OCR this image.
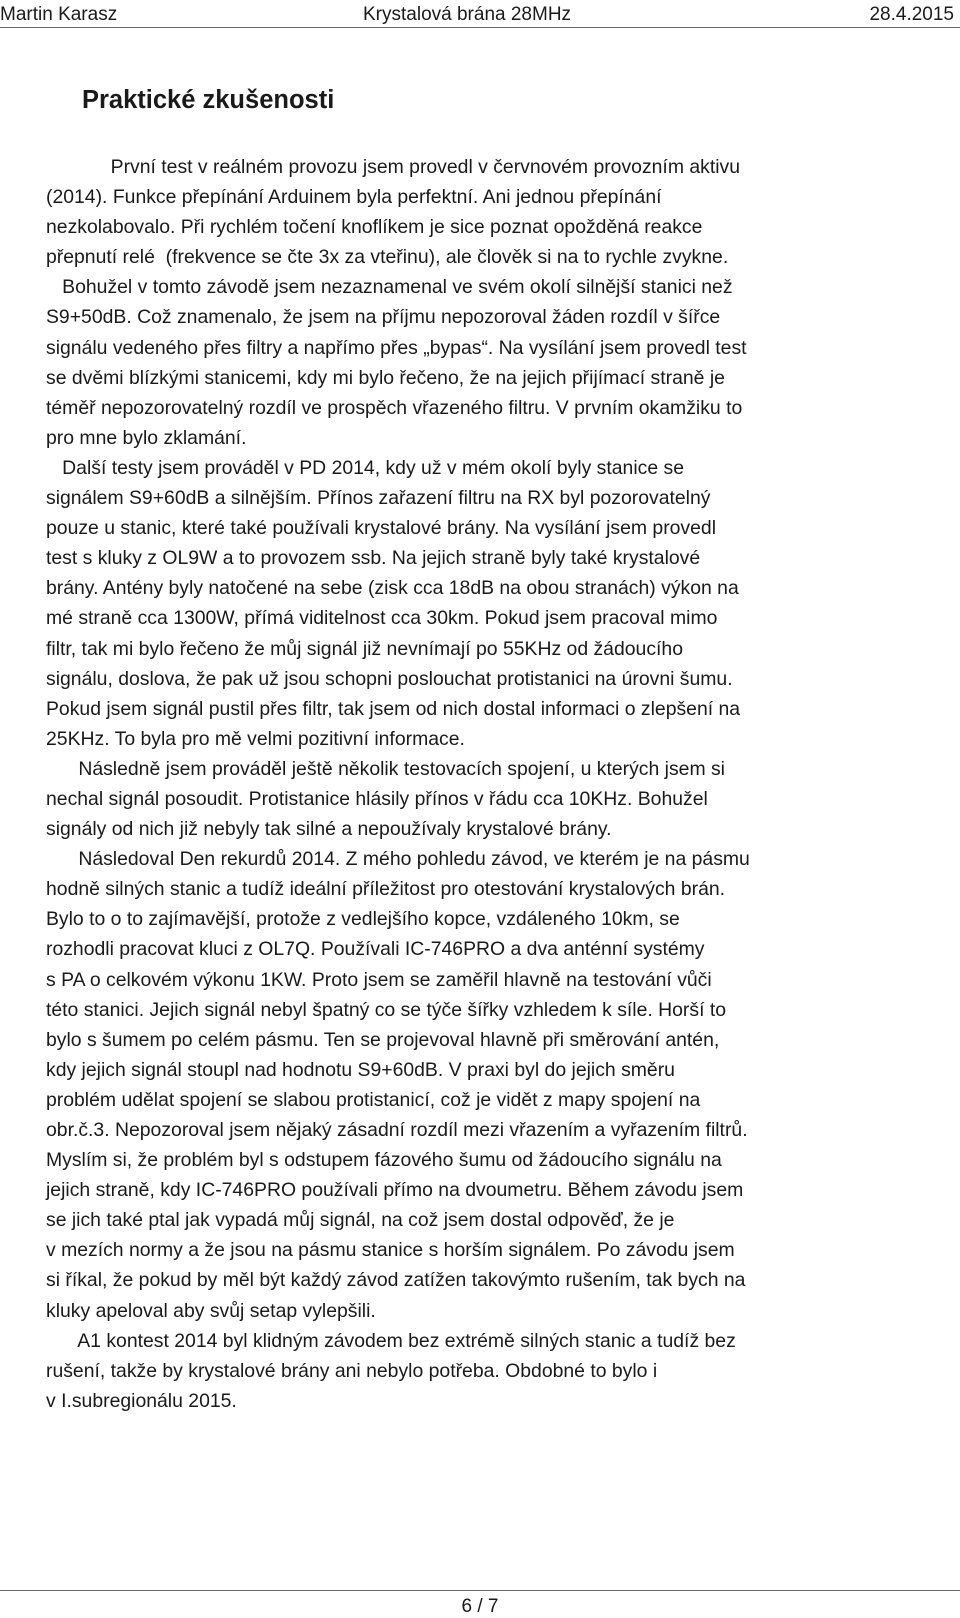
Martin Karasz	Krystalová brána 28MHz	28.4.2015
Praktické zkušenosti
První test v reálném provozu jsem provedl v červnovém provozním aktivu
(2014). Funkce přepínání Arduinem byla perfektní. Ani jednou přepínání
nezkolabovalo. Při rychlém točení knoflíkem je sice poznat opožděná reakce
přepnutí relé  (frekvence se čte 3x za vteřinu), ale člověk si na to rychle zvykne.
Bohužel v tomto závodě jsem nezaznamenal ve svém okolí silnější stanici než
S9+50dB. Což znamenalo, že jsem na příjmu nepozoroval žáden rozdíl v šířce
signálu vedeného přes filtry a napřímo přes „bypas“. Na vysílání jsem provedl test
se dvěmi blízkými stanicemi, kdy mi bylo řečeno, že na jejich přijímací straně je
téměř nepozorovatelný rozdíl ve prospěch vřazeného filtru. V prvním okamžiku to
pro mne bylo zklamání.
Další testy jsem prováděl v PD 2014, kdy už v mém okolí byly stanice se
signálem S9+60dB a silnějším. Přínos zařazení filtru na RX byl pozorovatelný
pouze u stanic, které také používali krystalové brány. Na vysílání jsem provedl
test s kluky z OL9W a to provozem ssb. Na jejich straně byly také krystalové
brány. Antény byly natočené na sebe (zisk cca 18dB na obou stranách) výkon na
mé straně cca 1300W, přímá viditelnost cca 30km. Pokud jsem pracoval mimo
filtr, tak mi bylo řečeno že můj signál již nevnímají po 55KHz od žádoucího
signálu, doslova, že pak už jsou schopni poslouchat protistanici na úrovni šumu.
Pokud jsem signál pustil přes filtr, tak jsem od nich dostal informaci o zlepšení na
25KHz. To byla pro mě velmi pozitivní informace.
Následně jsem prováděl ještě několik testovacích spojení, u kterých jsem si
nechal signál posoudit. Protistanice hlásily přínos v řádu cca 10KHz. Bohužel
signály od nich již nebyly tak silné a nepoužívaly krystalové brány.
Následoval Den rekurdů 2014. Z mého pohledu závod, ve kterém je na pásmu
hodně silných stanic a tudíž ideální příležitost pro otestování krystalových brán.
Bylo to o to zajímavější, protože z vedlejšího kopce, vzdáleného 10km, se
rozhodli pracovat kluci z OL7Q. Používali IC-746PRO a dva anténní systémy
s PA o celkovém výkonu 1KW. Proto jsem se zaměřil hlavně na testování vůči
této stanici. Jejich signál nebyl špatný co se týče šířky vzhledem k síle. Horší to
bylo s šumem po celém pásmu. Ten se projevoval hlavně při směrování antén,
kdy jejich signál stoupl nad hodnotu S9+60dB. V praxi byl do jejich směru
problém udělat spojení se slabou protistanicí, což je vidět z mapy spojení na
obr.č.3. Nepozoroval jsem nějaký zásadní rozdíl mezi vřazením a vyřazením filtrů.
Myslím si, že problém byl s odstupem fázového šumu od žádoucího signálu na
jejich straně, kdy IC-746PRO používali přímo na dvoumetru. Během závodu jsem
se jich také ptal jak vypadá můj signál, na což jsem dostal odpověď, že je
v mezích normy a že jsou na pásmu stanice s horším signálem. Po závodu jsem
si říkal, že pokud by měl být každý závod zatížen takovýmto rušením, tak bych na
kluky apeloval aby svůj setap vylepšili.
A1 kontest 2014 byl klidným závodem bez extrémě silných stanic a tudíž bez
rušení, takže by krystalové brány ani nebylo potřeba. Obdobné to bylo i
v I.subregionálu 2015.
6 / 7
